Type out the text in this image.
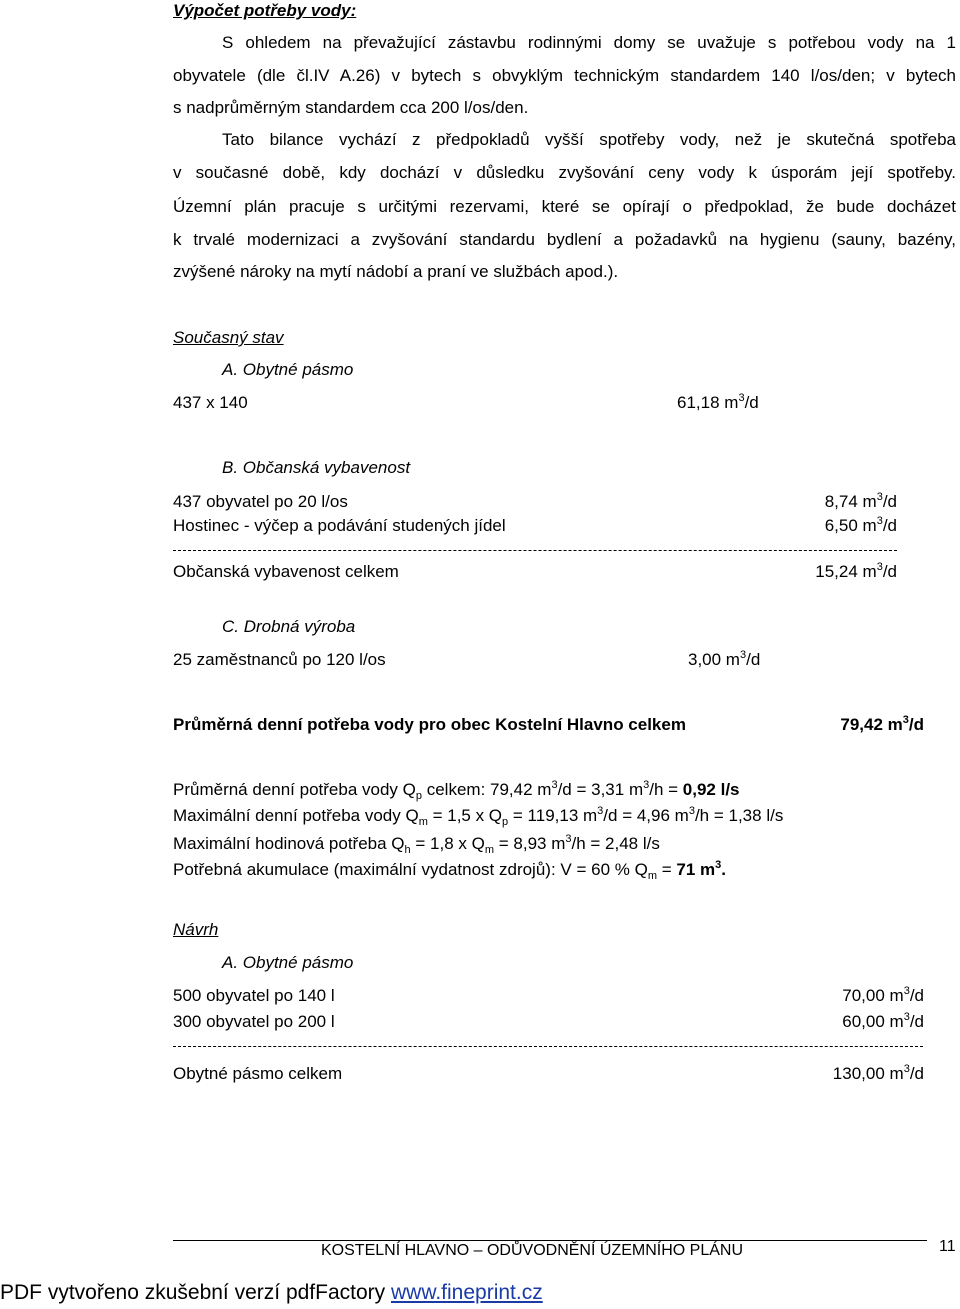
Výpočet potřeby vody:
S ohledem na převažující zástavbu rodinnými domy se uvažuje s potřebou vody na 1
obyvatele (dle čl.IV A.26) v bytech s obvyklým technickým standardem 140 l/os/den; v bytech
s nadprůměrným standardem cca 200 l/os/den.
Tato bilance vychází z předpokladů vyšší spotřeby vody, než je skutečná spotřeba
v současné době, kdy dochází v důsledku zvyšování ceny vody k úsporám její spotřeby.
Územní plán pracuje s určitými rezervami, které se opírají o předpoklad, že bude docházet
k trvalé modernizaci a zvyšování standardu bydlení a požadavků na hygienu (sauny, bazény,
zvýšené nároky na mytí nádobí a praní ve službách apod.).
Současný stav
A. Obytné pásmo
437 x 140	61,18 $m^3/d$
B. Občanská vybavenost
437 obyvatel po 20 l/os	8,74 $m^3/d$
Hostinec - výčep a podávání studených jídel	6,50 $m^3/d$
Občanská vybavenost celkem	15,24 $m^3/d$
C. Drobná výroba
25 zaměstnanců po 120 l/os	3,00 $m^3/d$
Průměrná denní potřeba vody pro obec Kostelní Hlavno celkem	79,42 $m^3/d$
Průměrná denní potřeba vody $Q_p$ celkem: 79,42 $m^3/d = 3,31$ $m^3/h = 0,92$ l/s
Maximální denní potřeba vody $Q_m = 1,5$ x $Q_p = 119,13$ $m^3/d = 4,96$ $m^3/h = 1,38$ l/s
Maximální hodinová potřeba $Q_h = 1,8$ x $Q_m = 8,93$ $m^3/h = 2,48$ l/s
Potřebná akumulace (maximální vydatnost zdrojů): V = 60 % $Q_m = 71$ $m^3$.
Návrh
A. Obytné pásmo
500 obyvatel po 140 l	70,00 $m^3/d$
300 obyvatel po 200 l	60,00 $m^3/d$
Obytné pásmo celkem	130,00 $m^3/d$
KOSTELNÍ HLAVNO – ODŮVODNĚNÍ ÚZEMNÍHO PLÁNU	11
PDF vytvořeno zkušební verzí pdfFactory www.fineprint.cz
